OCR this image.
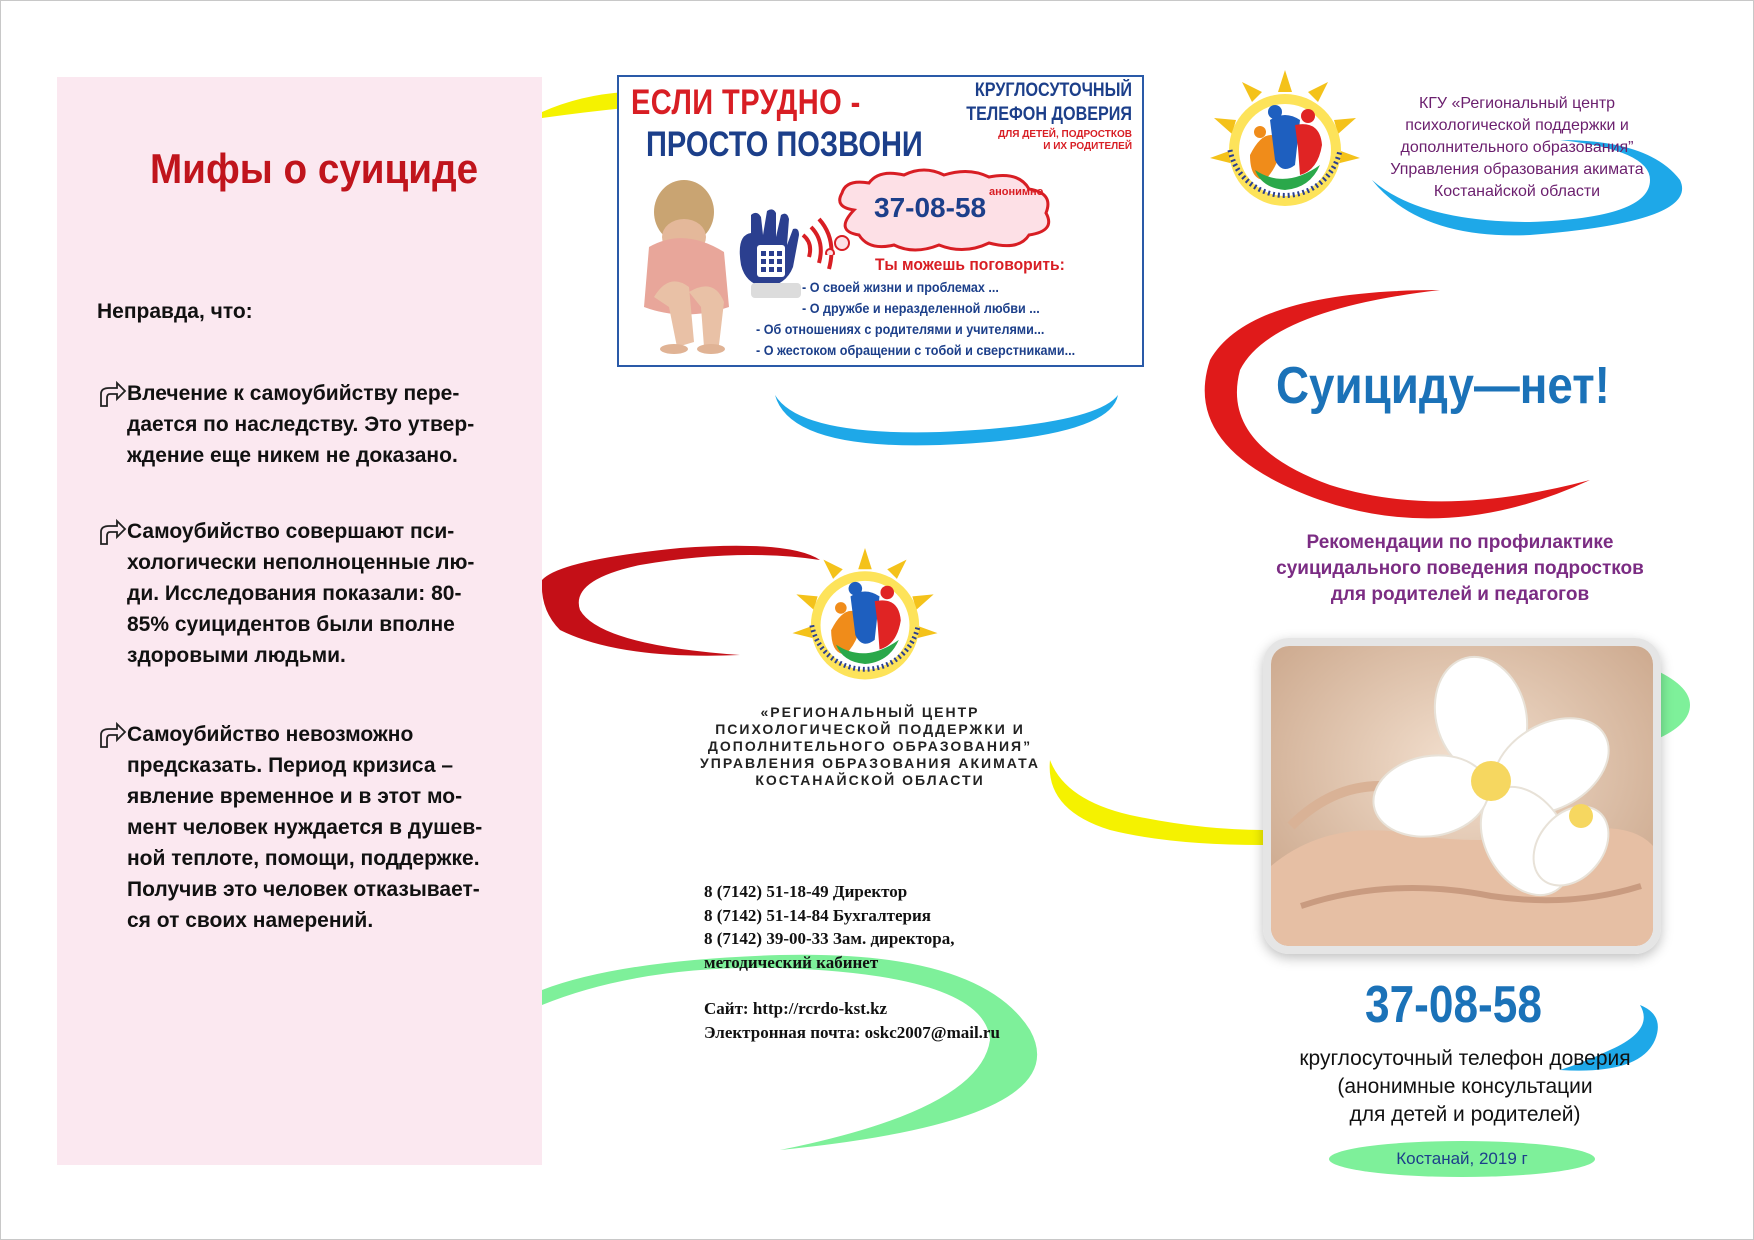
Мифы о суициде
Неправда, что:
Влечение к самоубийству пере-
дается по наследству. Это утвер-
ждение еще никем не доказано.
Самоубийство совершают пси-
хологически неполноценные лю-
ди. Исследования показали: 80-
85% суицидентов были вполне
здоровыми людьми.
Самоубийство невозможно
предсказать. Период кризиса –
явление временное и в этот мо-
мент человек нуждается в душев-
ной теплоте, помощи, поддержке.
Получив это человек отказывает-
ся от своих намерений.
ЕСЛИ ТРУДНО -
ПРОСТО ПОЗВОНИ
КРУГЛОСУТОЧНЫЙ
ТЕЛЕФОН ДОВЕРИЯ
ДЛЯ ДЕТЕЙ, ПОДРОСТКОВ
И ИХ РОДИТЕЛЕЙ
37-08-58 анонимно
Ты можешь поговорить:
- О своей жизни и проблемах ...
- О дружбе и неразделенной любви ...
- Об отношениях с родителями и учителями...
- О жестоком обращении с тобой и сверстниками...
КГУ «Региональный центр
психологической поддержки и
дополнительного образования”
Управления образования акимата
Костанайской области
Суициду—нет!
Рекомендации по профилактике
суицидального поведения подростков
для родителей и педагогов
«РЕГИОНАЛЬНЫЙ ЦЕНТР
ПСИХОЛОГИЧЕСКОЙ ПОДДЕРЖКИ И
ДОПОЛНИТЕЛЬНОГО ОБРАЗОВАНИЯ”
УПРАВЛЕНИЯ ОБРАЗОВАНИЯ АКИМАТА
КОСТАНАЙСКОЙ ОБЛАСТИ
8 (7142) 51-18-49 Директор
8 (7142) 51-14-84 Бухгалтерия
8 (7142) 39-00-33 Зам. директора,
методический кабинет
Сайт: http://rcrdo-kst.kz
Электронная почта: oskc2007@mail.ru	37-08-58
круглосуточный телефон доверия
(анонимные консультации
для детей и родителей)
Костанай, 2019 г
